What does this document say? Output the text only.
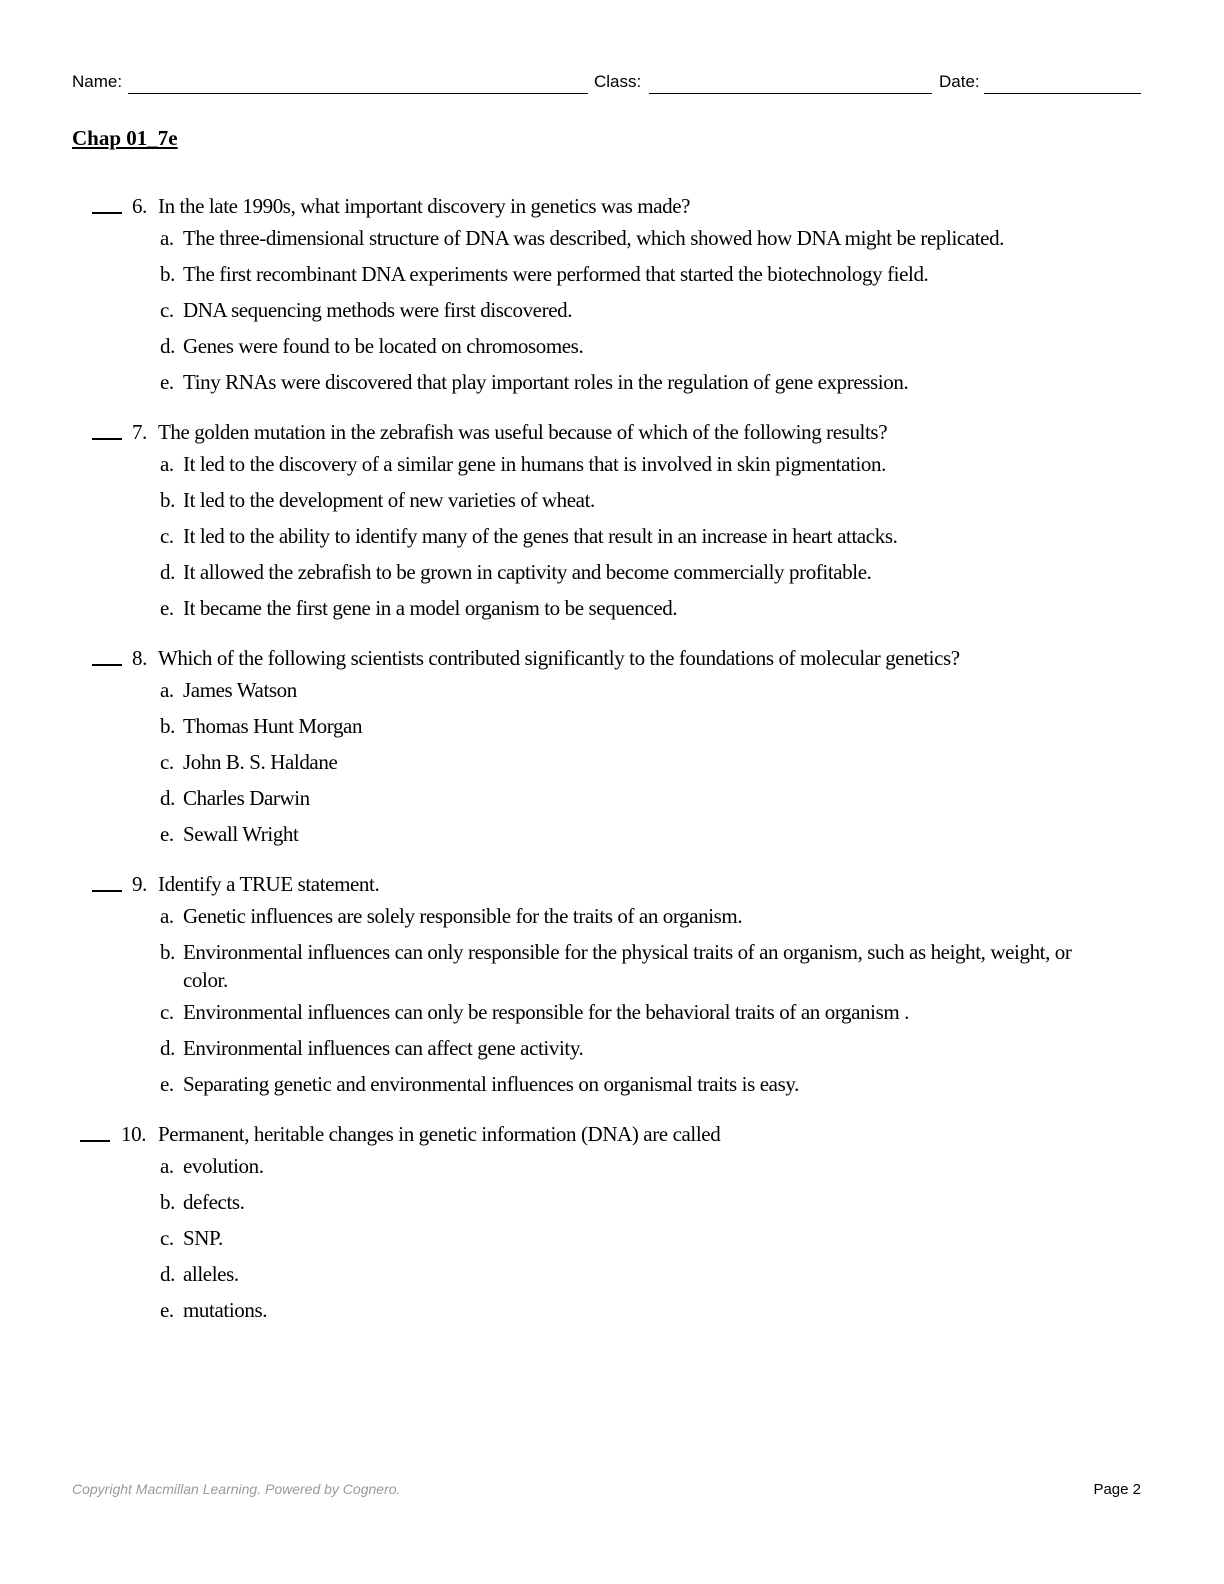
Name:	Class:	Date:
Chap 01_7e
6. In the late 1990s, what important discovery in genetics was made?
a. The three-dimensional structure of DNA was described, which showed how DNA might be replicated.
b. The first recombinant DNA experiments were performed that started the biotechnology field.
c. DNA sequencing methods were first discovered.
d. Genes were found to be located on chromosomes.
e. Tiny RNAs were discovered that play important roles in the regulation of gene expression.
7. The golden mutation in the zebrafish was useful because of which of the following results?
a. It led to the discovery of a similar gene in humans that is involved in skin pigmentation.
b. It led to the development of new varieties of wheat.
c. It led to the ability to identify many of the genes that result in an increase in heart attacks.
d. It allowed the zebrafish to be grown in captivity and become commercially profitable.
e. It became the first gene in a model organism to be sequenced.
8. Which of the following scientists contributed significantly to the foundations of molecular genetics?
a. James Watson
b. Thomas Hunt Morgan
c. John B. S. Haldane
d. Charles Darwin
e. Sewall Wright
9. Identify a TRUE statement.
a. Genetic influences are solely responsible for the traits of an organism.
b. Environmental influences can only responsible for the physical traits of an organism, such as height, weight, or color.
c. Environmental influences can only be responsible for the behavioral traits of an organism .
d. Environmental influences can affect gene activity.
e. Separating genetic and environmental influences on organismal traits is easy.
10. Permanent, heritable changes in genetic information (DNA) are called
a. evolution.
b. defects.
c. SNP.
d. alleles.
e. mutations.
Copyright Macmillan Learning. Powered by Cognero.	Page 2
